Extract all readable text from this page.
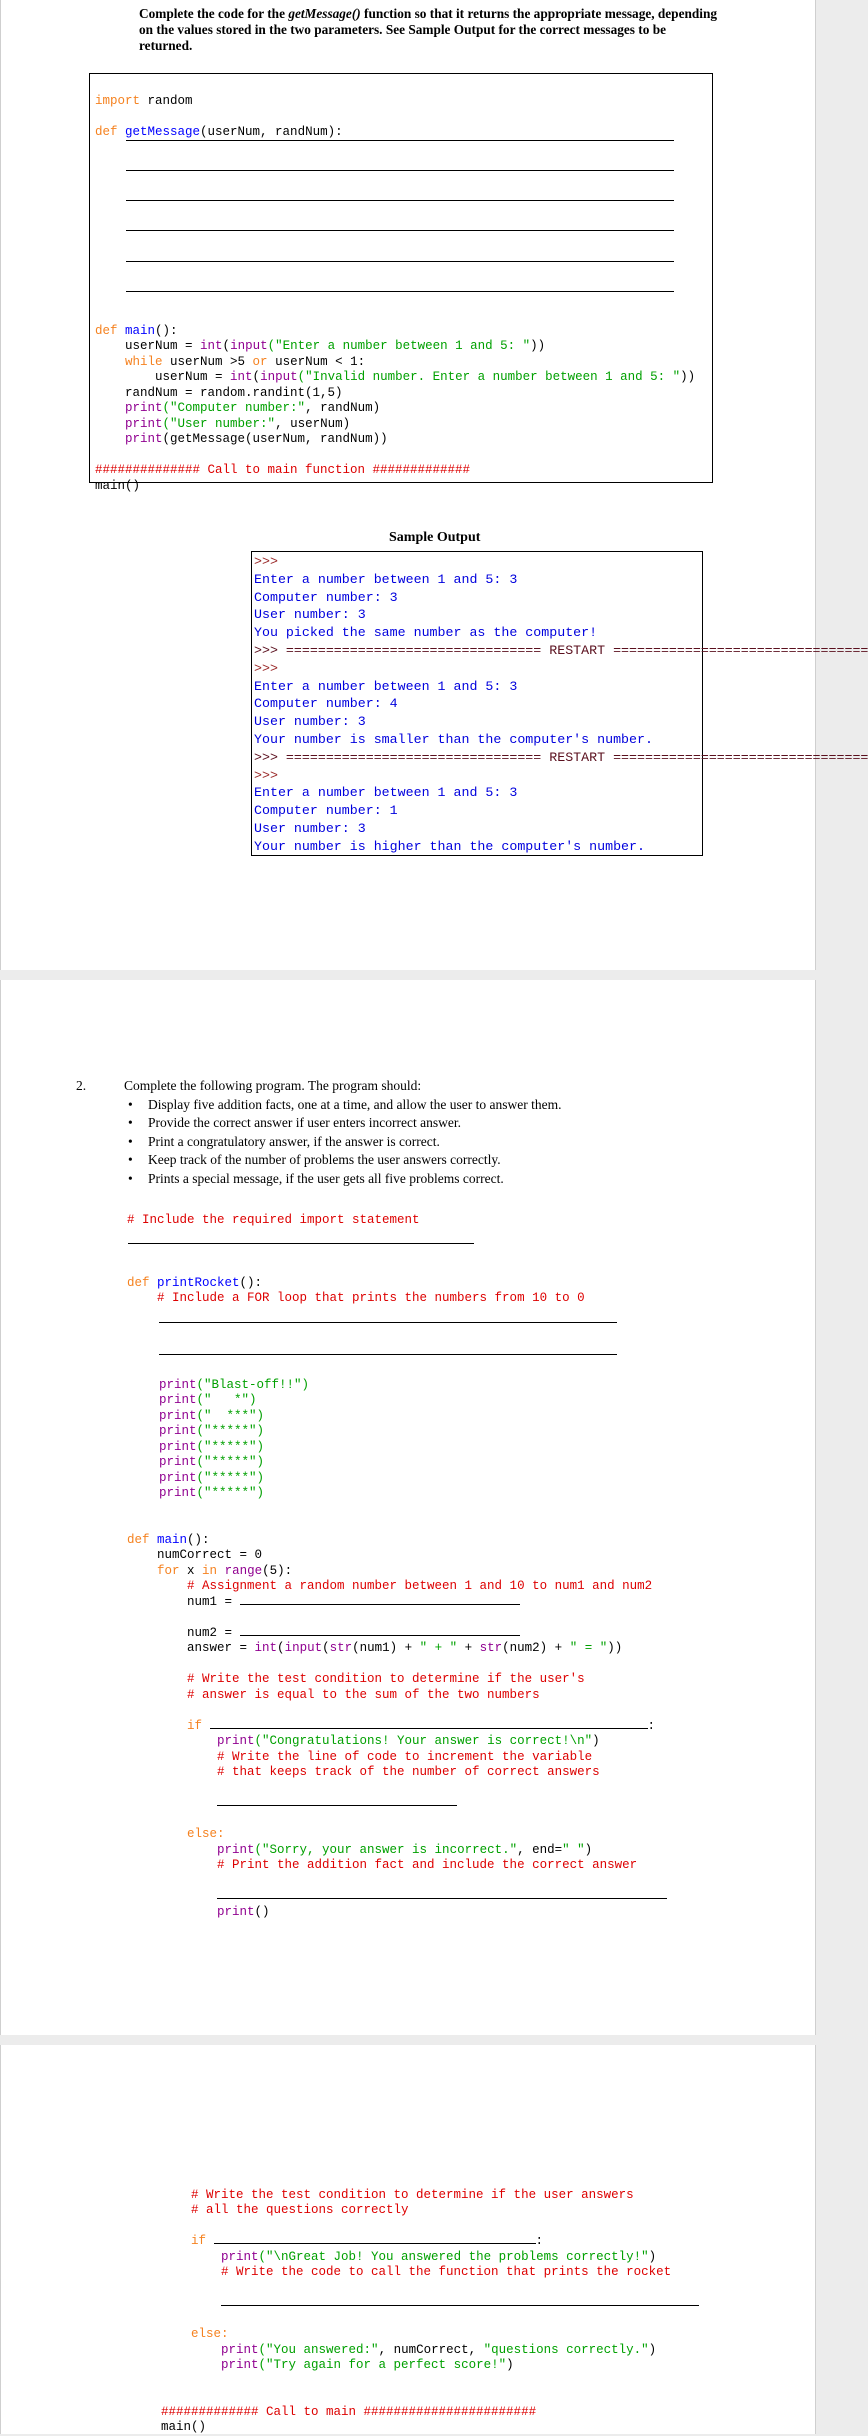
Complete the code for the getMessage() function so that it returns the appropriate message, depending on the values stored in the two parameters. See Sample Output for the correct messages to be returned.

import random
def getMessage(userNum, randNum):

def main():
userNum = int(input("Enter a number between 1 and 5: "))
while userNum >5 or userNum < 1:
userNum = int(input("Invalid number. Enter a number between 1 and 5: "))
randNum = random.randint(1,5)
print("Computer number:", randNum)
print("User number:", userNum)
print(getMessage(userNum, randNum))
############## Call to main function #############
main()
Sample Output
>>>
Enter a number between 1 and 5: 3
Computer number: 3
User number: 3
You picked the same number as the computer!
>>> ================================ RESTART ================================
>>>
Enter a number between 1 and 5: 3
Computer number: 4
User number: 3
Your number is smaller than the computer's number.
>>> ================================ RESTART ================================
>>>
Enter a number between 1 and 5: 3
Computer number: 1
User number: 3
Your number is higher than the computer's number.
2.	Complete the following program. The program should:
• Display five addition facts, one at a time, and allow the user to answer them.
• Provide the correct answer if user enters incorrect answer.
• Print a congratulatory answer, if the answer is correct.
• Keep track of the number of problems the user answers correctly.
• Prints a special message, if the user gets all five problems correct.
# Include the required import statement

def printRocket():
# Include a FOR loop that prints the numbers from 10 to 0

print("Blast-off!!")
print("   *")
print("  ***")
print("*****")
print("*****")
print("*****")
print("*****")
print("*****")

def main():
numCorrect = 0
for x in range(5):
# Assignment a random number between 1 and 10 to num1 and num2
num1 =
num2 =
answer = int(input(str(num1) + " + " + str(num2) + " = "))
# Write the test condition to determine if the user's
# answer is equal to the sum of the two numbers
if	:
print("Congratulations! Your answer is correct!\n")
# Write the line of code to increment the variable
# that keeps track of the number of correct answers

else:
print("Sorry, your answer is incorrect.", end=" ")
# Print the addition fact and include the correct answer

print()

# Write the test condition to determine if the user answers
# all the questions correctly
if	:
print("\nGreat Job! You answered the problems correctly!")
# Write the code to call the function that prints the rocket

else:
print("You answered:", numCorrect, "questions correctly.")
print("Try again for a perfect score!")
############# Call to main #######################
main()
